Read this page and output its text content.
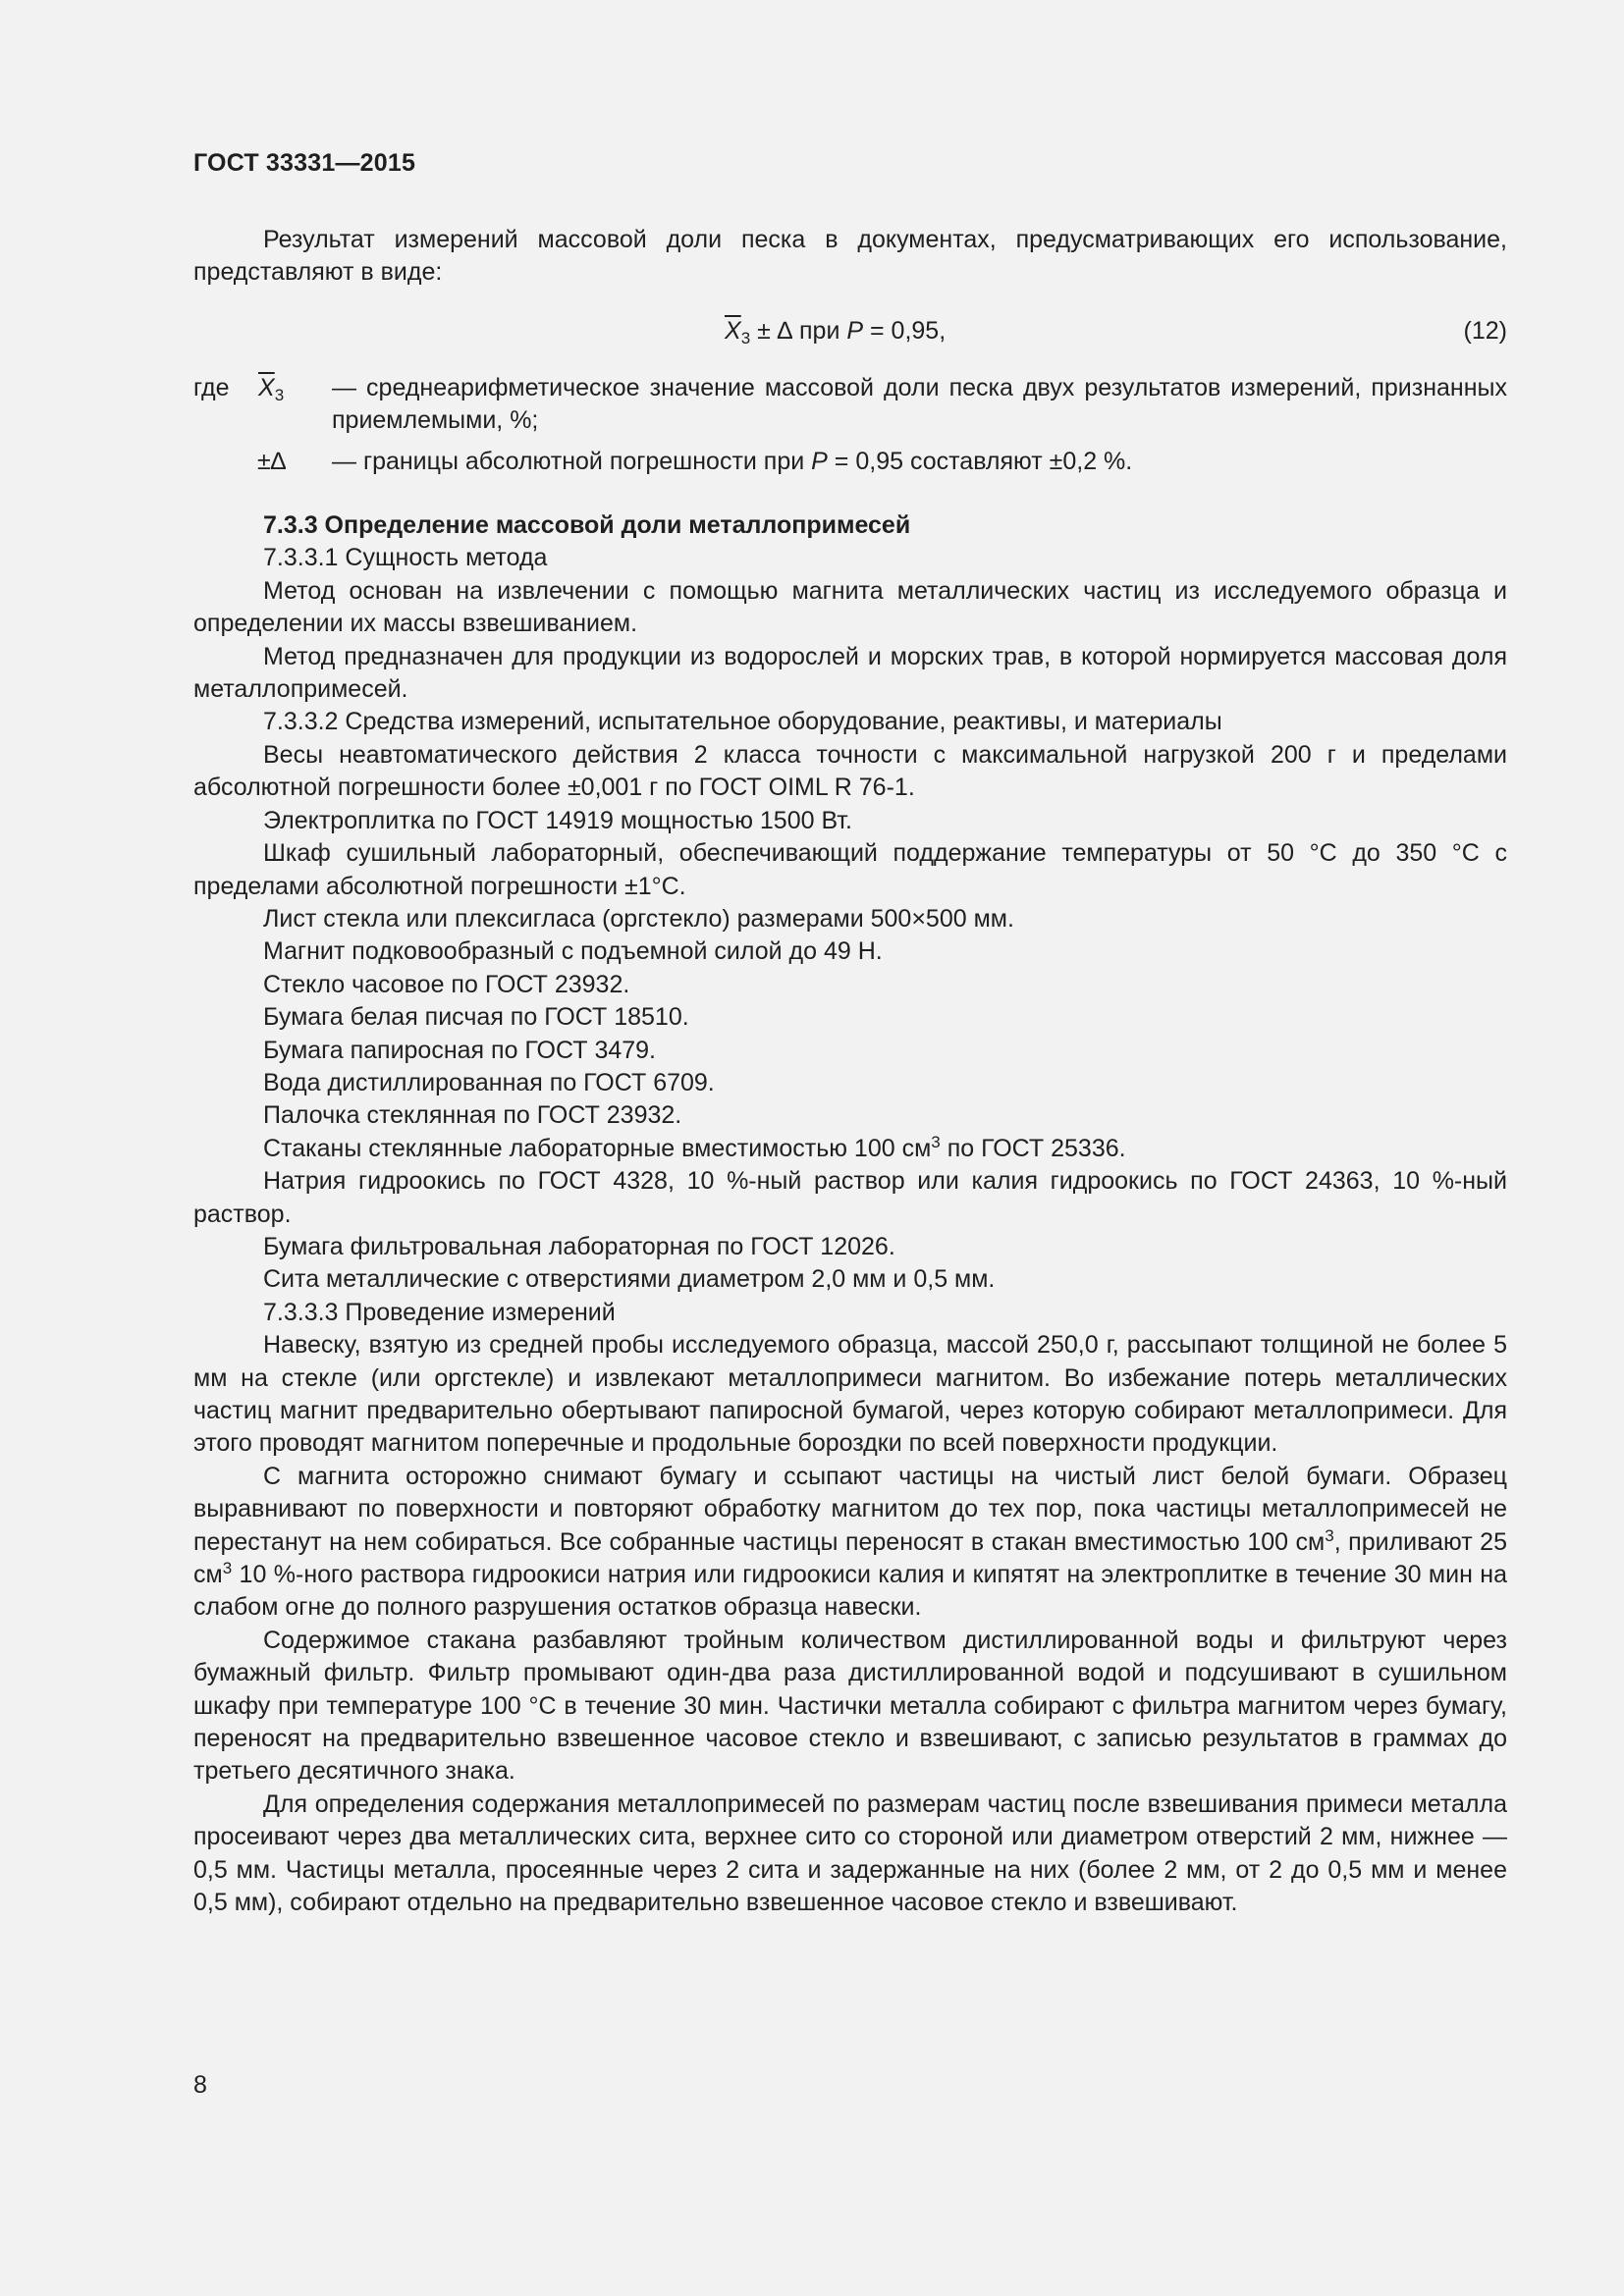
ГОСТ 33331—2015

Результат измерений массовой доли песка в документах, предусматривающих его использование, представляют в виде:

$\overline{X}_3$ ± ∆ при P = 0,95,	(12)
где $\overline{X}_3$ — среднеарифметическое значение массовой доли песка двух результатов измерений, признанных приемлемыми, %;
±∆ — границы абсолютной погрешности при P = 0,95 составляют ±0,2 %.

7.3.3 Определение массовой доли металлопримесей

7.3.3.1 Сущность метода

Метод основан на извлечении с помощью магнита металлических частиц из исследуемого образца и определении их массы взвешиванием.

Метод предназначен для продукции из водорослей и морских трав, в которой нормируется массовая доля металлопримесей.

7.3.3.2 Средства измерений, испытательное оборудование, реактивы, и материалы

Весы неавтоматического действия 2 класса точности с максимальной нагрузкой 200 г и пределами абсолютной погрешности более ±0,001 г по ГОСТ OIML R 76-1.

Электроплитка по ГОСТ 14919 мощностью 1500 Вт.

Шкаф сушильный лабораторный, обеспечивающий поддержание температуры от 50 °С до 350 °С с пределами абсолютной погрешности ±1°С.

Лист стекла или плексигласа (оргстекло) размерами 500×500 мм.

Магнит подковообразный с подъемной силой до 49 Н.

Стекло часовое по ГОСТ 23932.

Бумага белая писчая по ГОСТ 18510.

Бумага папиросная по ГОСТ 3479.

Вода дистиллированная по ГОСТ 6709.

Палочка стеклянная по ГОСТ 23932.

Стаканы стеклянные лабораторные вместимостью 100 $см^3$ по ГОСТ 25336.

Натрия гидроокись по ГОСТ 4328, 10 %-ный раствор или калия гидроокись по ГОСТ 24363, 10 %-ный раствор.

Бумага фильтровальная лабораторная по ГОСТ 12026.

Сита металлические с отверстиями диаметром 2,0 мм и 0,5 мм.

7.3.3.3 Проведение измерений

Навеску, взятую из средней пробы исследуемого образца, массой 250,0 г, рассыпают толщиной не более 5 мм на стекле (или оргстекле) и извлекают металлопримеси магнитом. Во избежание потерь металлических частиц магнит предварительно обертывают папиросной бумагой, через которую собирают металлопримеси. Для этого проводят магнитом поперечные и продольные бороздки по всей поверхности продукции.

С магнита осторожно снимают бумагу и ссыпают частицы на чистый лист белой бумаги. Образец выравнивают по поверхности и повторяют обработку магнитом до тех пор, пока частицы металлопримесей не перестанут на нем собираться. Все собранные частицы переносят в стакан вместимостью 100 $см^3$, приливают 25 $см^3$ 10 %-ного раствора гидроокиси натрия или гидроокиси калия и кипятят на электроплитке в течение 30 мин на слабом огне до полного разрушения остатков образца навески.

Содержимое стакана разбавляют тройным количеством дистиллированной воды и фильтруют через бумажный фильтр. Фильтр промывают один-два раза дистиллированной водой и подсушивают в сушильном шкафу при температуре 100 °С в течение 30 мин. Частички металла собирают с фильтра магнитом через бумагу, переносят на предварительно взвешенное часовое стекло и взвешивают, с записью результатов в граммах до третьего десятичного знака.

Для определения содержания металлопримесей по размерам частиц после взвешивания примеси металла просеивают через два металлических сита, верхнее сито со стороной или диаметром отверстий 2 мм, нижнее — 0,5 мм. Частицы металла, просеянные через 2 сита и задержанные на них (более 2 мм, от 2 до 0,5 мм и менее 0,5 мм), собирают отдельно на предварительно взвешенное часовое стекло и взвешивают.

8
